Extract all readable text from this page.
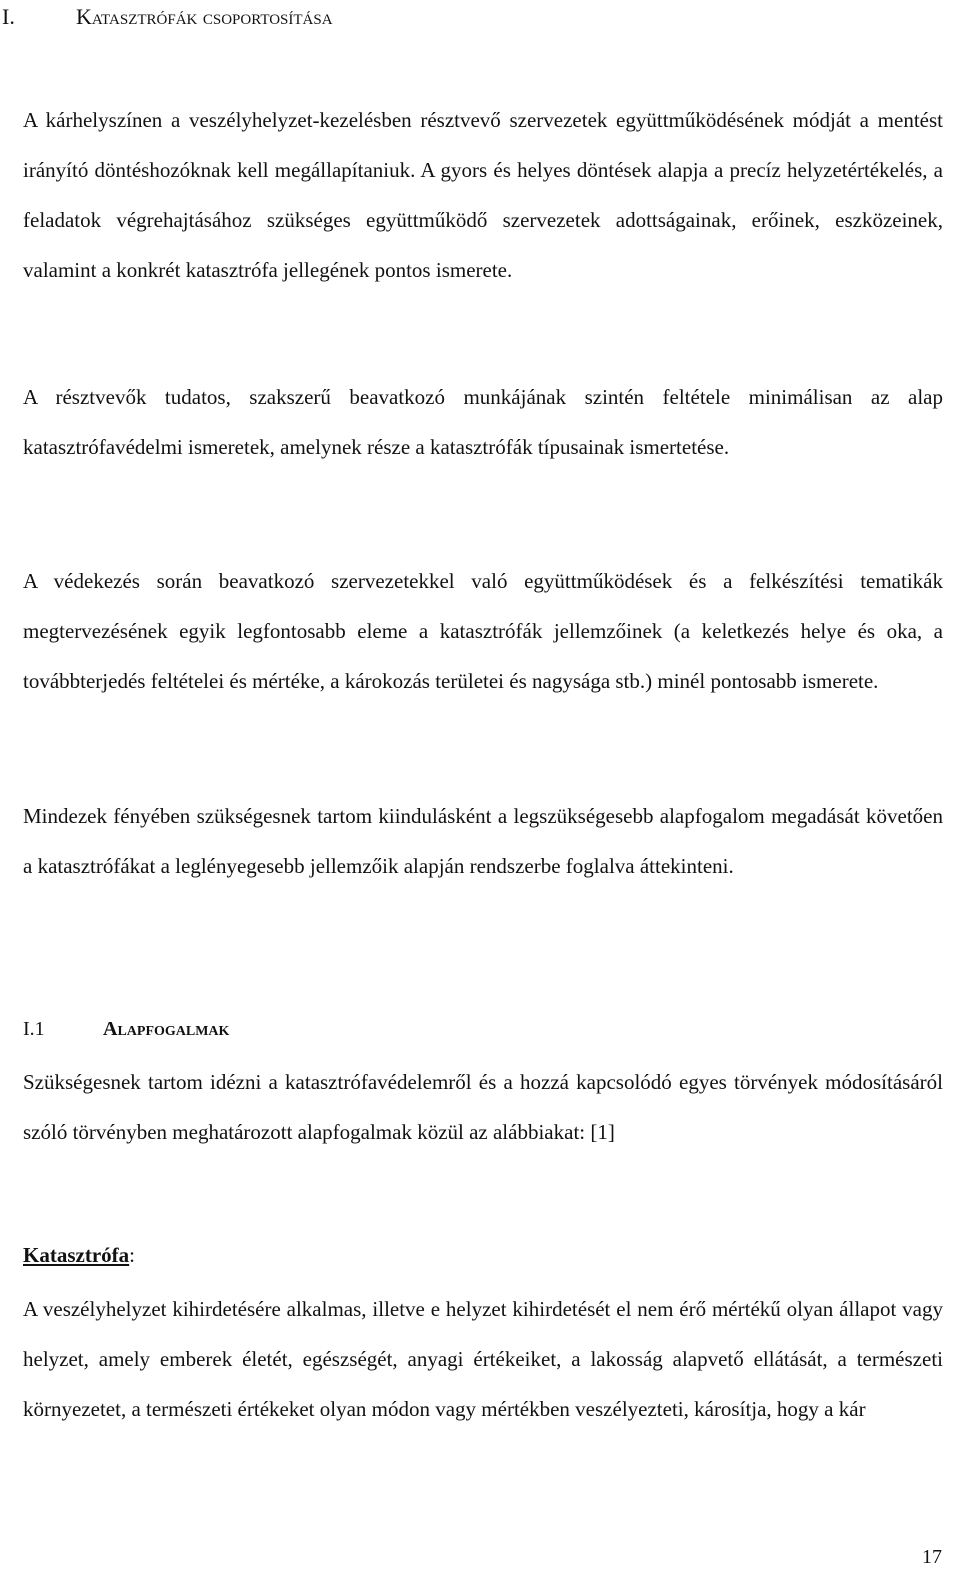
I.	Katasztrófák csoportosítása

A kárhelyszínen a veszélyhelyzet-kezelésben résztvevő szervezetek együttműködésének módját a mentést irányító döntéshozóknak kell megállapítaniuk. A gyors és helyes döntések alapja a precíz helyzetértékelés, a feladatok végrehajtásához szükséges együttműködő szervezetek adottságainak, erőinek, eszközeinek, valamint a konkrét katasztrófa jellegének pontos ismerete.

A résztvevők tudatos, szakszerű beavatkozó munkájának szintén feltétele minimálisan az alap katasztrófavédelmi ismeretek, amelynek része a katasztrófák típusainak ismertetése.

A védekezés során beavatkozó szervezetekkel való együttműködések és a felkészítési tematikák megtervezésének egyik legfontosabb eleme a katasztrófák jellemzőinek (a keletkezés helye és oka, a továbbterjedés feltételei és mértéke, a károkozás területei és nagysága stb.) minél pontosabb ismerete.

Mindezek fényében szükségesnek tartom kiindulásként a legszükségesebb alapfogalom megadását követően a katasztrófákat a leglényegesebb jellemzőik alapján rendszerbe foglalva áttekinteni.

I.1	Alapfogalmak

Szükségesnek tartom idézni a katasztrófavédelemről és a hozzá kapcsolódó egyes törvények módosításáról szóló törvényben meghatározott alapfogalmak közül az alábbiakat: [1]

Katasztrófa:

A veszélyhelyzet kihirdetésére alkalmas, illetve e helyzet kihirdetését el nem érő mértékű olyan állapot vagy helyzet, amely emberek életét, egészségét, anyagi értékeiket, a lakosság alapvető ellátását, a természeti környezetet, a természeti értékeket olyan módon vagy mértékben veszélyezteti, károsítja, hogy a kár

17
